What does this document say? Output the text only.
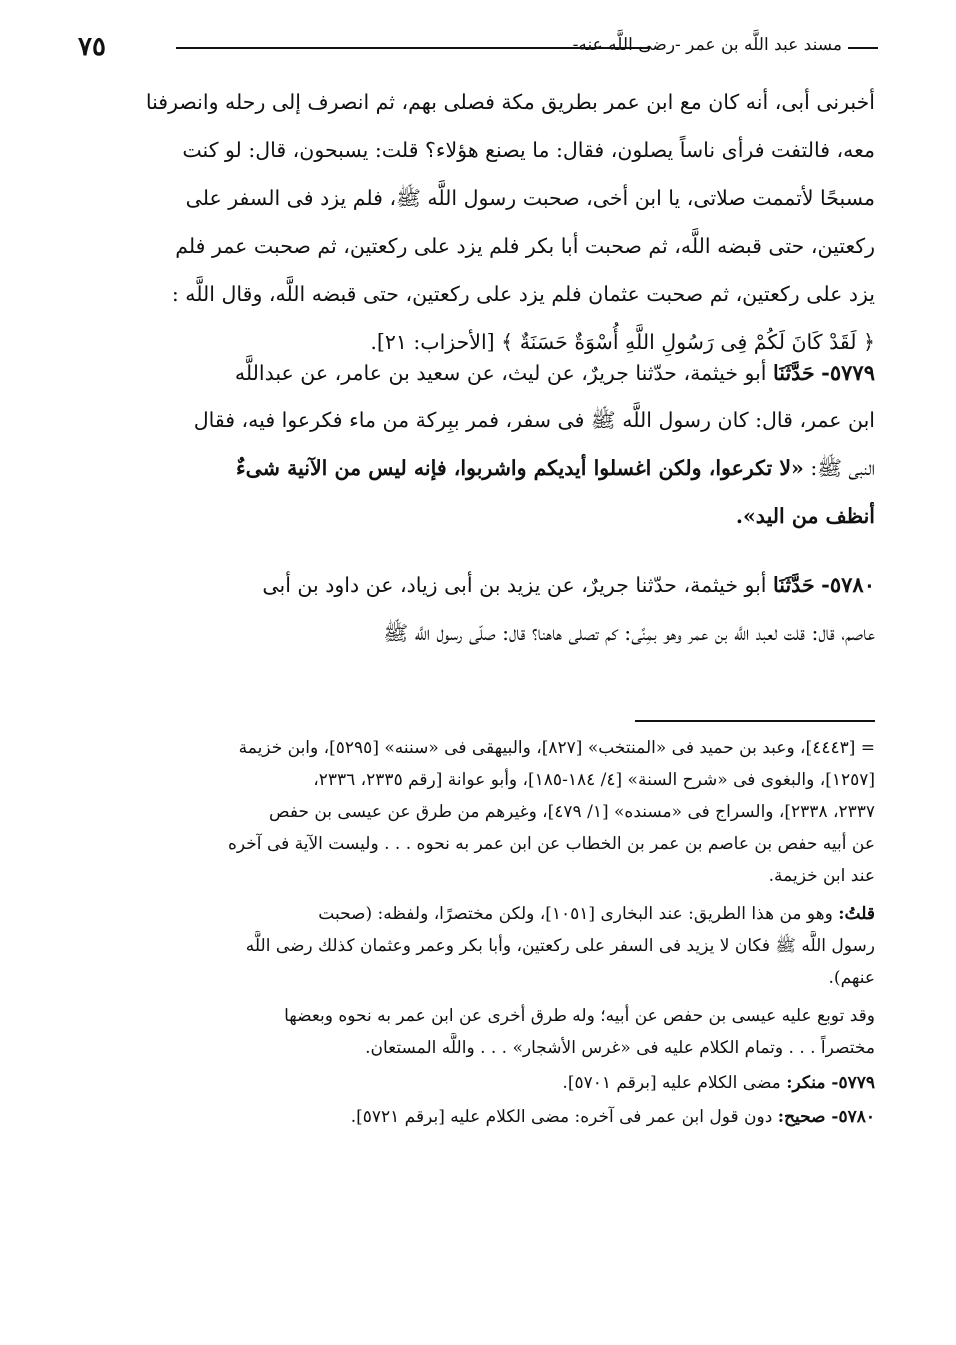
٧٥	مسند عبد اللَّه بن عمر -رضى اللَّه عنه-
أخبرنى أبى، أنه كان مع ابن عمر بطريق مكة فصلى بهم، ثم انصرف إلى رحله وانصرفنا
معه، فالتفت فرأى ناساً يصلون، فقال: ما يصنع هؤلاء؟ قلت: يسبحون، قال: لو كنت
مسبحًا لأتممت صلاتى، يا ابن أخى، صحبت رسول اللَّه ﷺ، فلم يزد فى السفر على
ركعتين، حتى قبضه اللَّه، ثم صحبت أبا بكر فلم يزد على ركعتين، ثم صحبت عمر فلم
يزد على ركعتين، ثم صحبت عثمان فلم يزد على ركعتين، حتى قبضه اللَّه، وقال اللَّه :
﴿ لَقَدْ كَانَ لَكُمْ فِى رَسُولِ اللَّهِ أُسْوَةٌ حَسَنَةٌ ﴾ [الأحزاب: ٢١].
٥٧٧٩- حَدَّثَنَا أبو خيثمة، حدّثنا جريرٌ، عن ليث، عن سعيد بن عامر، عن عبداللَّه
ابن عمر، قال: كان رسول اللَّه ﷺ فى سفر، فمر ببِركة من ماء فكرعوا فيه، فقال
النبى ﷺ: «لا تكرعوا، ولكن اغسلوا أيديكم واشربوا، فإنه ليس من الآنية شىءٌ
أنظف من اليد».
٥٧٨٠- حَدَّثَنَا أبو خيثمة، حدّثنا جريرٌ، عن يزيد بن أبى زياد، عن داود بن أبى
عاصم، قال: قلت لعبد اللَّه بن عمر وهو بمِنًى: كم تصلى هاهنا؟ قال: صلّى رسول اللَّه ﷺ
= [٤٤٤٣]، وعبد بن حميد فى «المنتخب» [٨٢٧]، والبيهقى فى «سننه» [٥٢٩٥]، وابن خزيمة
[١٢٥٧]، والبغوى فى «شرح السنة» [٤/ ١٨٤-١٨٥]، وأبو عوانة [رقم ٢٣٣٥، ٢٣٣٦،
٢٣٣٧، ٢٣٣٨]، والسراج فى «مسنده» [١/ ٤٧٩]، وغيرهم من طرق عن عيسى بن حفص
عن أبيه حفص بن عاصم بن عمر بن الخطاب عن ابن عمر به نحوه . . . وليست الآية فى آخره
عند ابن خزيمة.
قلتُ: وهو من هذا الطريق: عند البخارى [١٠٥١]، ولكن مختصرًا، ولفظه: (صحبت
رسول اللَّه ﷺ فكان لا يزيد فى السفر على ركعتين، وأبا بكر وعمر وعثمان كذلك رضى اللَّه
عنهم).
وقد توبع عليه عيسى بن حفص عن أبيه؛ وله طرق أخرى عن ابن عمر به نحوه وبعضها
مختصراً . . . وتمام الكلام عليه فى «غرس الأشجار» . . . واللَّه المستعان.
٥٧٧٩- منكر: مضى الكلام عليه [برقم ٥٧٠١].
٥٧٨٠- صحيح: دون قول ابن عمر فى آخره: مضى الكلام عليه [برقم ٥٧٢١].
